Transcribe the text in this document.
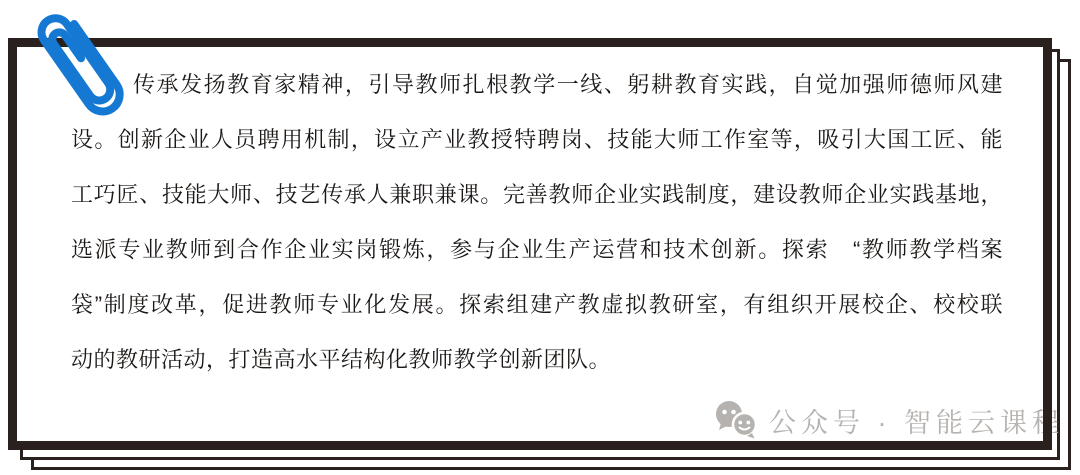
传承发扬教育家精神，引导教师扎根教学一线、躬耕教育实践，自觉加强师德师风建
设。创新企业人员聘用机制，设立产业教授特聘岗、技能大师工作室等，吸引大国工匠、能
工巧匠、技能大师、技艺传承人兼职兼课。完善教师企业实践制度，建设教师企业实践基地，
选派专业教师到合作企业实岗锻炼，参与企业生产运营和技术创新。探索　“教师教学档案
袋”制度改革，促进教师专业化发展。探索组建产教虚拟教研室，有组织开展校企、校校联
动的教研活动，打造高水平结构化教师教学创新团队。
公众号 · 智能云课程
